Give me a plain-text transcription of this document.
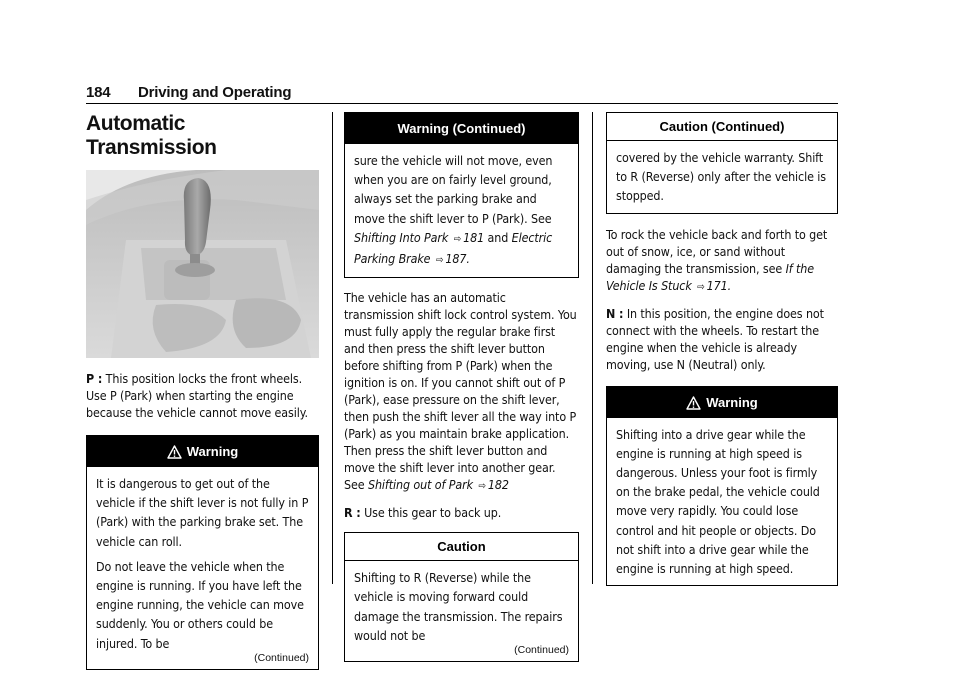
184 Driving and Operating
Automatic Transmission

P : This position locks the front wheels. Use P (Park) when starting the engine because the vehicle cannot move easily.

Warning

It is dangerous to get out of the vehicle if the shift lever is not fully in P (Park) with the parking brake set. The vehicle can roll.

Do not leave the vehicle when the engine is running. If you have left the engine running, the vehicle can move suddenly. You or others could be injured. To be

(Continued)
Warning (Continued)

sure the vehicle will not move, even when you are on fairly level ground, always set the parking brake and move the shift lever to P (Park). See Shifting Into Park ⇨ 181 and Electric Parking Brake ⇨ 187.

The vehicle has an automatic transmission shift lock control system. You must fully apply the regular brake first and then press the shift lever button before shifting from P (Park) when the ignition is on. If you cannot shift out of P (Park), ease pressure on the shift lever, then push the shift lever all the way into P (Park) as you maintain brake application. Then press the shift lever button and move the shift lever into another gear. See Shifting out of Park ⇨ 182

R : Use this gear to back up.

Caution

Shifting to R (Reverse) while the vehicle is moving forward could damage the transmission. The repairs would not be

(Continued)
Caution (Continued)

covered by the vehicle warranty. Shift to R (Reverse) only after the vehicle is stopped.

To rock the vehicle back and forth to get out of snow, ice, or sand without damaging the transmission, see If the Vehicle Is Stuck ⇨ 171.

N : In this position, the engine does not connect with the wheels. To restart the engine when the vehicle is already moving, use N (Neutral) only.

Warning

Shifting into a drive gear while the engine is running at high speed is dangerous. Unless your foot is firmly on the brake pedal, the vehicle could move very rapidly. You could lose control and hit people or objects. Do not shift into a drive gear while the engine is running at high speed.
